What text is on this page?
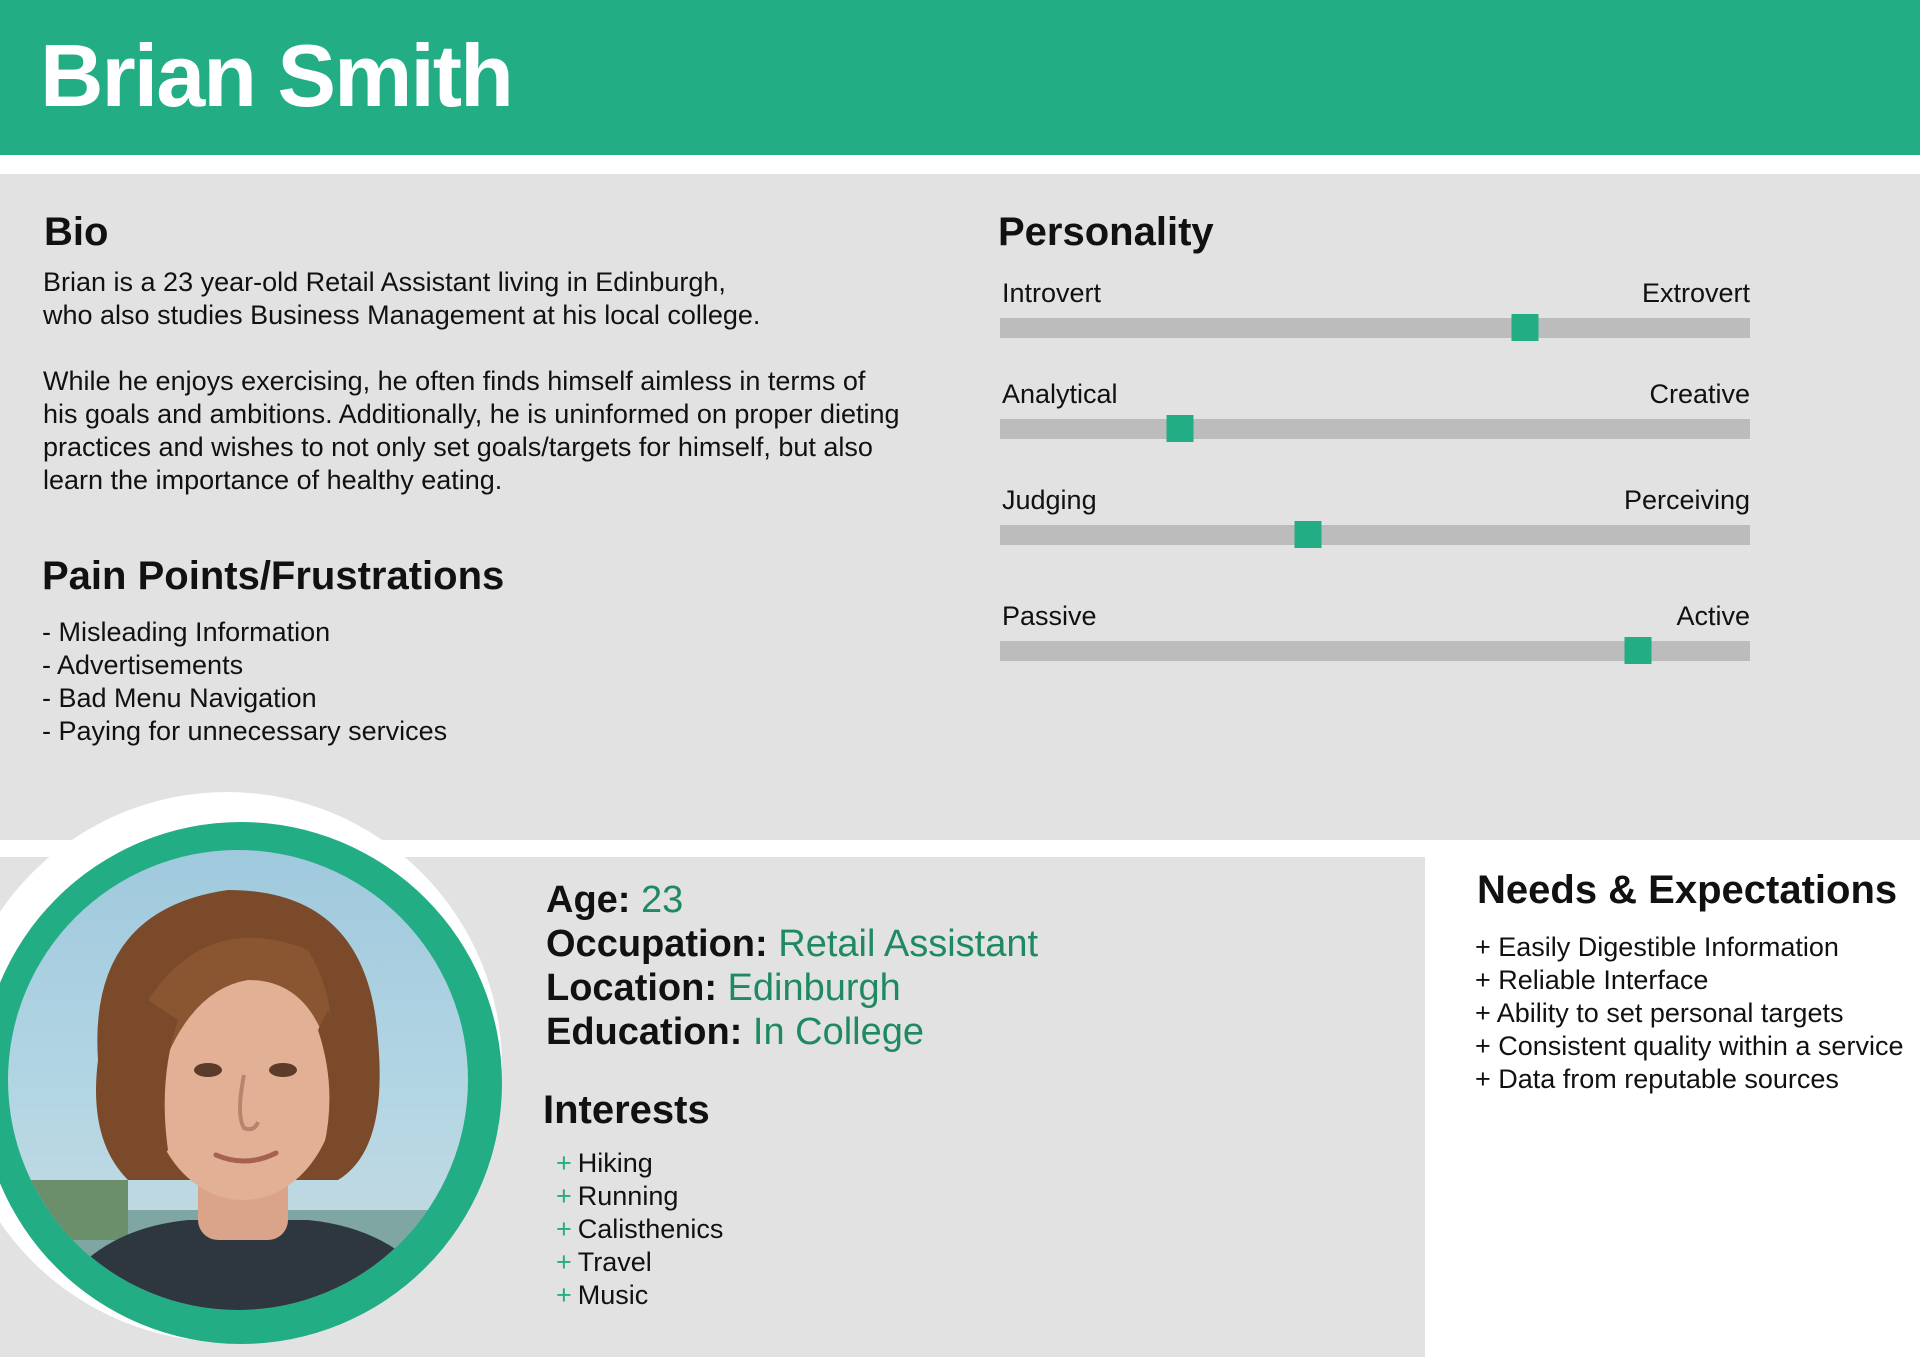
Brian Smith
Bio

Brian is a 23 year-old Retail Assistant living in Edinburgh,
who also studies Business Management at his local college.

While he enjoys exercising, he often finds himself aimless in terms of
his goals and ambitions. Additionally, he is uninformed on proper dieting
practices and wishes to not only set goals/targets for himself, but also
learn the importance of healthy eating.

Pain Points/Frustrations
- Misleading Information
- Advertisements
- Bad Menu Navigation
- Paying for unnecessary services
Personality
Introvert	Extrovert
Analytical	Creative
Judging	Perceiving
Passive	Active
Age: 23
Occupation: Retail Assistant
Location: Edinburgh
Education: In College
Interests
+ Hiking
+ Running
+ Calisthenics
+ Travel
+ Music
Needs & Expectations
+ Easily Digestible Information
+ Reliable Interface
+ Ability to set personal targets
+ Consistent quality within a service
+ Data from reputable sources
